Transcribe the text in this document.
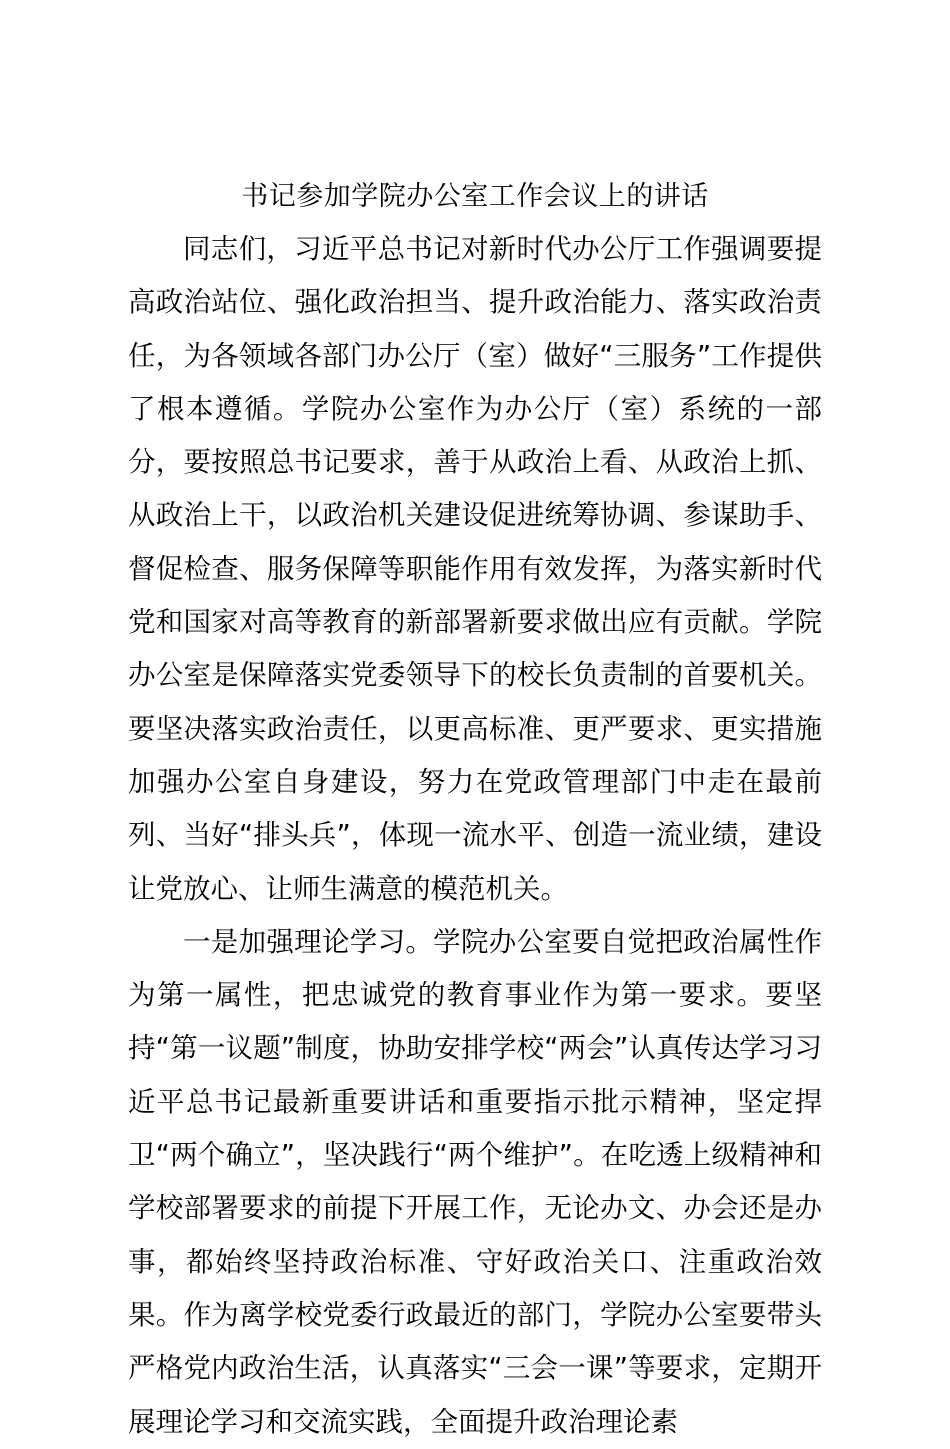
书记参加学院办公室工作会议上的讲话

同志们，习近平总书记对新时代办公厅工作强调要提高政治站位、强化政治担当、提升政治能力、落实政治责任，为各领域各部门办公厅（室）做好“三服务”工作提供了根本遵循。学院办公室作为办公厅（室）系统的一部分，要按照总书记要求，善于从政治上看、从政治上抓、从政治上干，以政治机关建设促进统筹协调、参谋助手、督促检查、服务保障等职能作用有效发挥，为落实新时代党和国家对高等教育的新部署新要求做出应有贡献。学院办公室是保障落实党委领导下的校长负责制的首要机关。要坚决落实政治责任，以更高标准、更严要求、更实措施加强办公室自身建设，努力在党政管理部门中走在最前列、当好“排头兵”，体现一流水平、创造一流业绩，建设让党放心、让师生满意的模范机关。

一是加强理论学习。学院办公室要自觉把政治属性作为第一属性，把忠诚党的教育事业作为第一要求。要坚持“第一议题”制度，协助安排学校“两会”认真传达学习习近平总书记最新重要讲话和重要指示批示精神，坚定捍卫“两个确立”，坚决践行“两个维护”。在吃透上级精神和学校部署要求的前提下开展工作，无论办文、办会还是办事，都始终坚持政治标准、守好政治关口、注重政治效果。作为离学校党委行政最近的部门，学院办公室要带头严格党内政治生活，认真落实“三会一课”等要求，定期开展理论学习和交流实践，全面提升政治理论素
